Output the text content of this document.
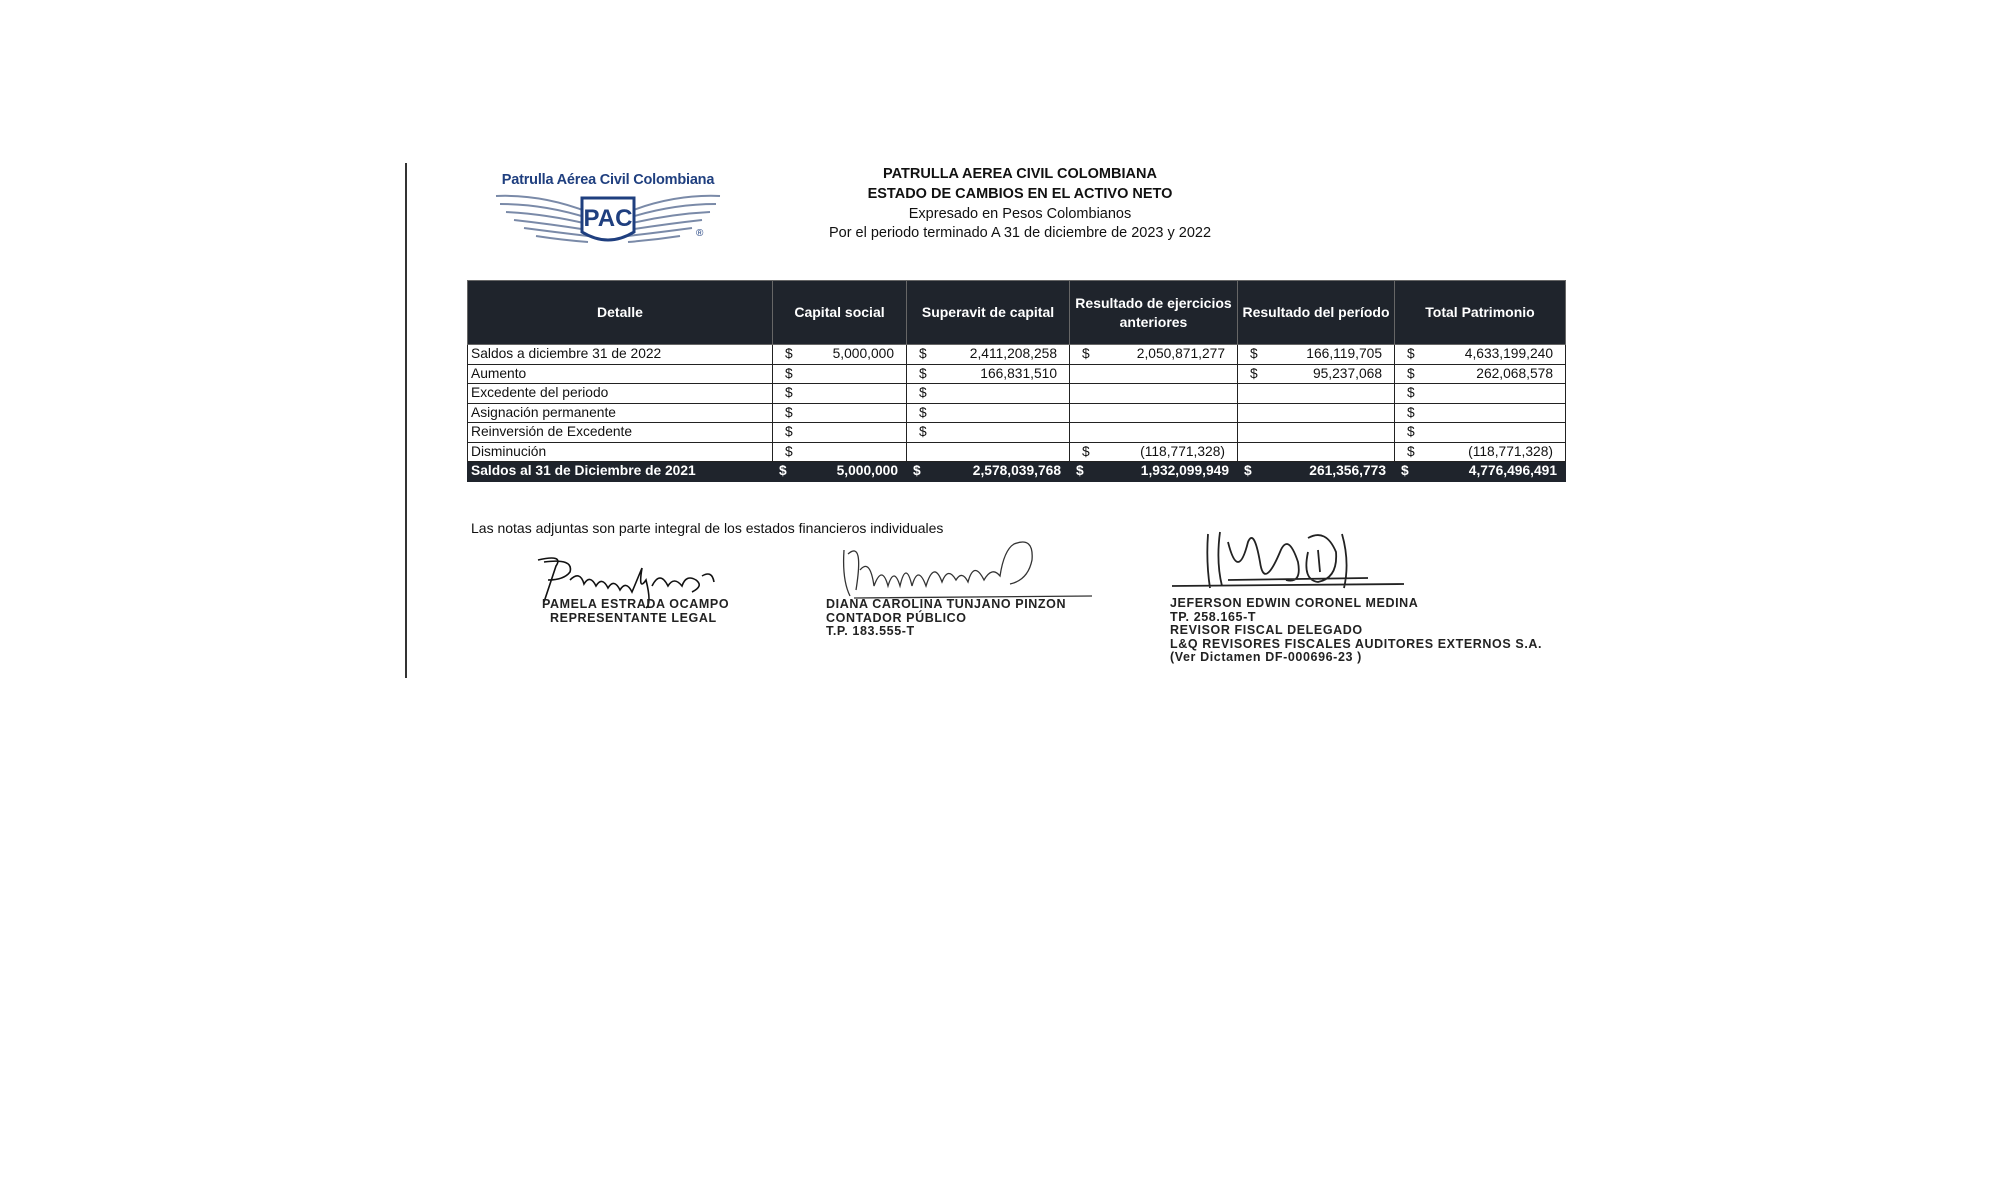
Patrulla Aérea Civil Colombiana
PAC
®
PATRULLA AEREA CIVIL COLOMBIANA
ESTADO DE CAMBIOS EN EL ACTIVO NETO
Expresado en Pesos Colombianos
Por el periodo terminado A 31 de diciembre de 2023 y 2022
Detalle	Capital social	Superavit de capital	Resultado de ejercicios anteriores	Resultado del período	Total Patrimonio
Saldos a diciembre 31 de 2022	$ 5,000,000	$ 2,411,208,258	$ 2,050,871,277	$ 166,119,705	$ 4,633,199,240

Aumento	$	$ 166,831,510		$ 95,237,068	$ 262,068,578

Excedente del periodo	$	$			$

Asignación permanente	$	$			$

Reinversión de Excedente	$	$			$

Disminución	$		$ (118,771,328)		$ (118,771,328)

Saldos al 31 de Diciembre de 2021	$ 5,000,000	$ 2,578,039,768	$ 1,932,099,949	$ 261,356,773	$ 4,776,496,491
Las notas adjuntas son parte integral de los estados financieros individuales
PAMELA ESTRADA OCAMPO
REPRESENTANTE LEGAL
DIANA CAROLINA TUNJANO PINZON
CONTADOR PÚBLICO
T.P. 183.555-T
JEFERSON EDWIN CORONEL MEDINA
TP. 258.165-T
REVISOR FISCAL DELEGADO
L&Q REVISORES FISCALES AUDITORES EXTERNOS S.A.
(Ver Dictamen DF-000696-23 )
